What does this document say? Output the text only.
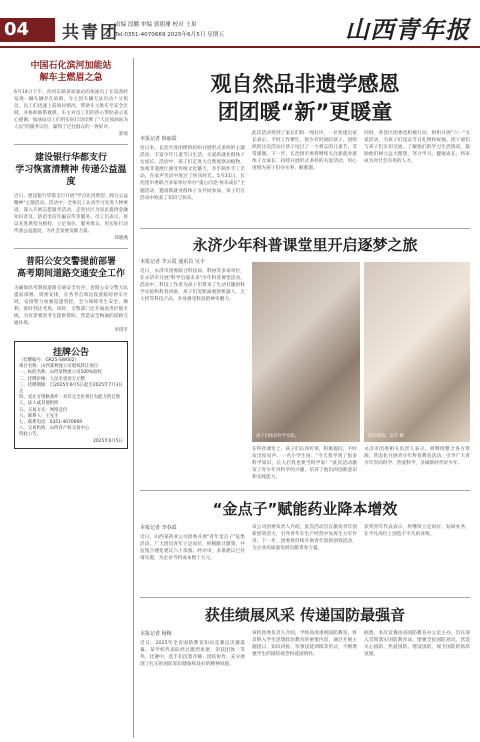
04	共青团
责编 段鹏 审编 郭朝珊 校对 王果
Tel:0351-4070669 2025年6月5日 星期五	山西青年报
中国石化滨河加能站
解车主燃眉之急
6月14日下午，滨河东路某加油站的加油员工在巡查时发现一辆车辆存在故障，车主因车辆无法启动十分焦急。员工们迅速上前询问情况，帮助车主推车至安全区域，并协助联系救援。车主对员工们的热心帮助表示衷心感谢。加油站员工们用实际行动诠释了"人民加油站为人民"的服务宗旨，赢得了过往群众的一致好评。
郭瑶
建设银行华都支行
学习恢富清精神 传递公益温度
近日，建设银行华都支行开展"学习先进典型、践行公益精神"主题活动。活动中，全体员工认真学习先进人物事迹，深入开展志愿服务活动，走进社区为居民提供金融知识普及、防范电信诈骗宣传等服务。员工们表示，将以先进典型为榜样，立足岗位、服务群众，用实际行动传递公益温度，为社会发展贡献力量。
郑晓燕
普阳公安交警提前部署
高考期间道路交通安全工作
为确保高考期间道路交通安全有序，普阳公安交警大队提前部署、周密安排，在各考点周边设置临时停车区域，安排警力加强巡逻管控，全力保障考生安全、顺利、准时到达考场。同时，交警部门还开通高考护航专线，为有需要的考生提供帮助，营造安全畅通的道路交通环境。
李琪平
挂牌公告
（挂牌编号：GR25-SW002）
项目名称：山西某物流公司股权转让项目
一、标的名称：山西某物流公司100%股权
二、挂牌价格：人民币壹佰万元整
三、挂牌期限：自2025年6月5日起至2025年7月3日止
四、受让方资格条件：具有完全民事行为能力的自然人、法人或其他组织
五、交易方式：网络竞价
六、联系人：王先生
七、联系电话：0351-4070669
八、交易机构：山西省产权交易中心
特此公告。
2025年6月5日
观自然品非遗学感恩
团团暖“新”更暖童
本报记者 韩丽霞
连日来，长治市各团组织纷纷开展形式多样的主题活动，丰富少年儿童节日生活，关爱新就业群体子女成长。活动中，孩子们走进大自然观察动植物，参观非遗展厅感受传统文化魅力，亲手制作手工艺品，在欢声笑语中度过了快乐时光。5月31日，长治团市委联合多家单位举办"童心向党·快乐成长"主题活动，邀请新就业群体子女共同参加，孩子们在活动中收获了知识与快乐。
此次活动得到了家长们的一致好评。一位快递员家长表示，平时工作繁忙，很少有时间陪孩子，团组织的这次活动让孩子度过了一个难忘的儿童节，非常感谢。下一步，长治团市委将继续关注新就业群体子女成长，持续开展形式多样的关爱活动，用心用情为孩子们办实事、解难题。
同时，各县区团委也积极行动，组织开展"六一"关爱活动，为孩子们送去节日礼物和祝福。团干部们与孩子们亲切交流，了解他们的学习生活情况，鼓励他们树立远大理想，努力学习，健康成长，将来成为对社会有用的人才。
永济少年科普课堂里开启逐梦之旅
本报记者 李云霞 通讯员 吴丰
近日，永济市团委联合科技局、科协等多家单位，在永济市开展"科学启迪未来"少年科普课堂活动。活动中，科技工作者为孩子们带来了生动有趣的科学实验和科普讲座，孩子们近距离观察机器人、无人机等科技产品，亲身感受科技的神奇魅力。
孩子们体验科学实验。	活动现场。吴丰 摄
在科普课堂上，孩子们认真听讲，积极提问，不时发出惊叹声。一名小学生说："今天我学到了很多科学知识，长大后我也要当科学家！"此次活动激发了青少年对科学的兴趣，培养了他们的创新意识和实践能力。
永济市团委相关负责人表示，将继续整合各方资源，常态化开展青少年科普教育活动，引导广大青少年崇尚科学、热爱科学，争做新时代好少年。
“金点子”赋能药业降本增效
本报记者 李春霞
近日，山西某药业公司团委开展"青年金点子"征集活动，广大团员青年立足岗位、积极献计献策，共征集合理化建议六十余条。经评审，多条建议已付诸实施，为企业节约成本数十万元。
该公司团委负责人介绍，此次活动旨在激发青年创新创效活力，引导青年在生产经营中发挥生力军作用。下一步，团委将持续开展青年创新创效活动，为企业高质量发展贡献青春力量。
获奖青年代表表示，将继续立足岗位、钻研业务，在平凡岗位上创造不平凡的业绩。
获佳绩展风采 传递国防最强音
本报记者 杨梅
近日，2025年全省国防教育知识竞赛总决赛落幕。某学校代表队经过激烈角逐，荣获团体一等奖。比赛中，选手们沉着冷静、团结协作，充分展现了扎实的国防知识储备和良好的精神风貌。
该校团委负责人介绍，学校高度重视国防教育，将其纳入学生思想政治教育的重要内容，通过开展主题团日、知识讲座、军事技能训练等形式，不断增强学生的国防观念和爱国情怀。
据悉，本次竞赛由省国防教育办公室主办，旨在深入贯彻落实国防教育法，增强全民国防意识，营造关心国防、热爱国防、建设国防、保卫国防的浓厚氛围。
